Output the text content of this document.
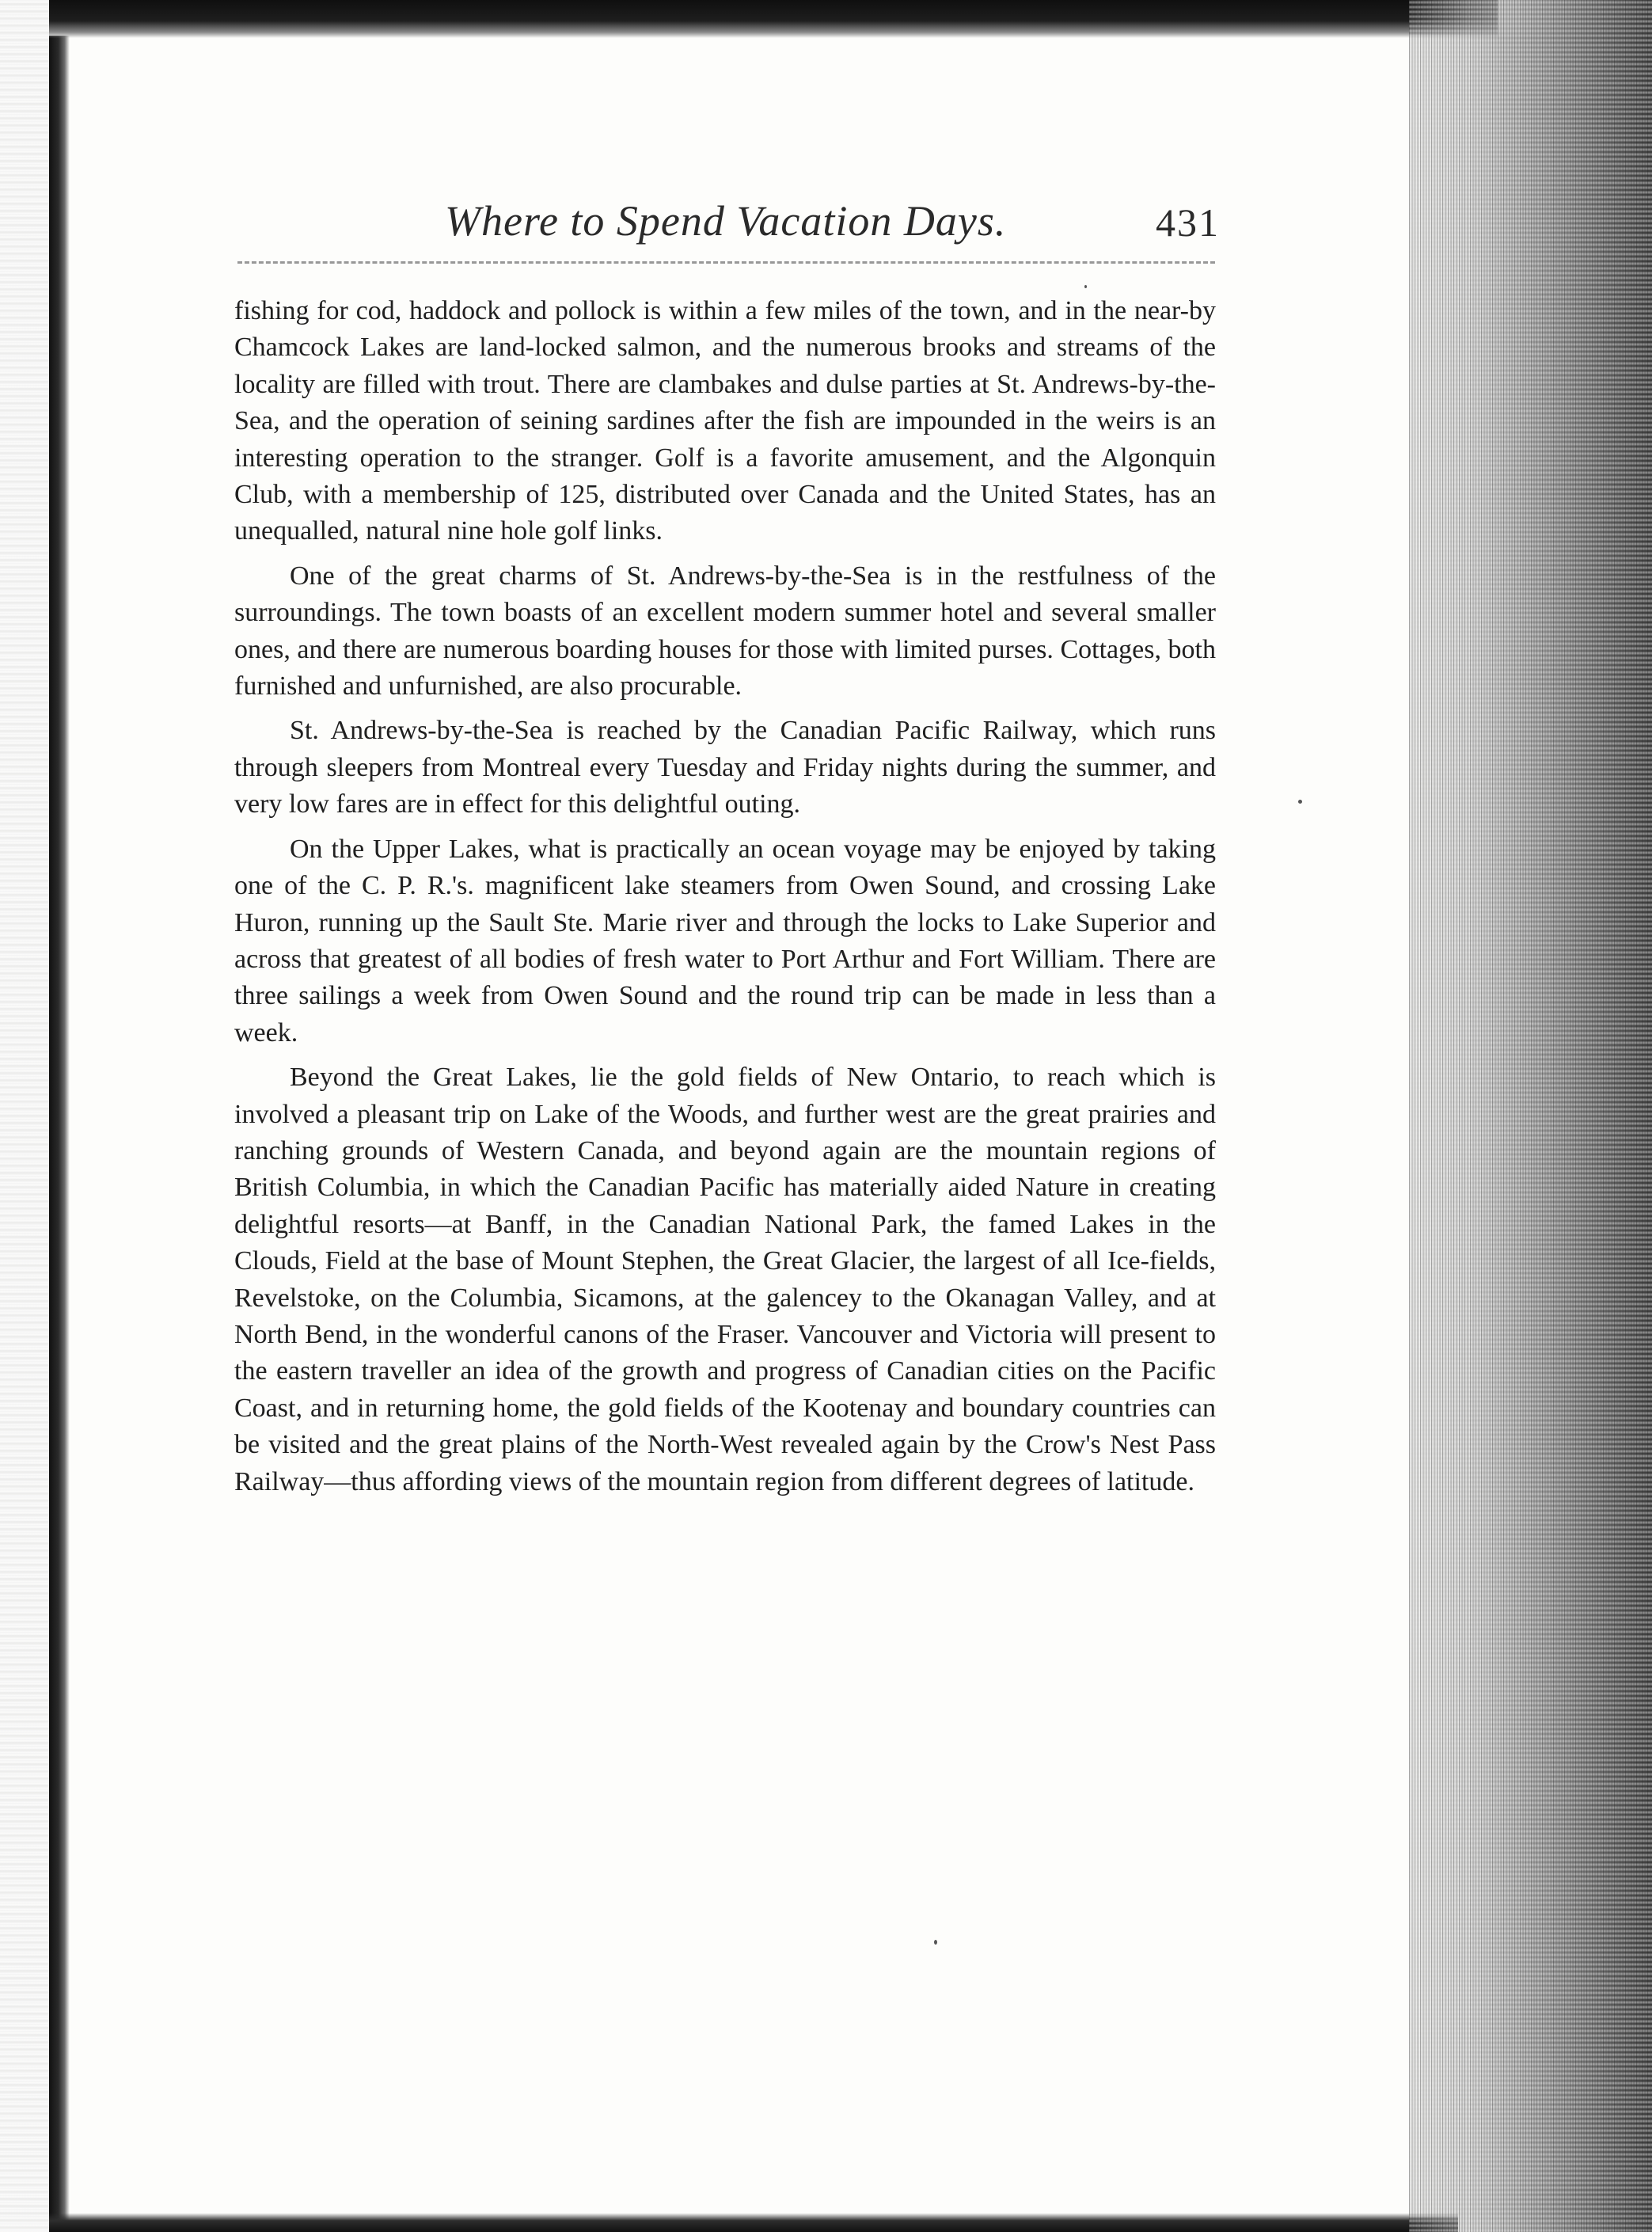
Where to Spend Vacation Days.	431

fishing for cod, haddock and pollock is within a few miles of the town, and in the near-by Chamcock Lakes are land-locked salmon, and the numerous brooks and streams of the locality are filled with trout. There are clambakes and dulse parties at St. Andrews-by-the-Sea, and the operation of seining sardines after the fish are impounded in the weirs is an interesting operation to the stranger. Golf is a favorite amusement, and the Algonquin Club, with a membership of 125, distributed over Canada and the United States, has an unequalled, natural nine hole golf links.

One of the great charms of St. Andrews-by-the-Sea is in the restfulness of the surroundings. The town boasts of an excellent modern summer hotel and several smaller ones, and there are numerous boarding houses for those with limited purses. Cottages, both furnished and unfurnished, are also procurable.

St. Andrews-by-the-Sea is reached by the Canadian Pacific Railway, which runs through sleepers from Montreal every Tuesday and Friday nights during the summer, and very low fares are in effect for this delightful outing.

On the Upper Lakes, what is practically an ocean voyage may be enjoyed by taking one of the C. P. R.'s. magnificent lake steamers from Owen Sound, and crossing Lake Huron, running up the Sault Ste. Marie river and through the locks to Lake Superior and across that greatest of all bodies of fresh water to Port Arthur and Fort William. There are three sailings a week from Owen Sound and the round trip can be made in less than a week.

Beyond the Great Lakes, lie the gold fields of New Ontario, to reach which is involved a pleasant trip on Lake of the Woods, and further west are the great prairies and ranching grounds of Western Canada, and beyond again are the mountain regions of British Columbia, in which the Canadian Pacific has materially aided Nature in creating delightful resorts—at Banff, in the Canadian National Park, the famed Lakes in the Clouds, Field at the base of Mount Stephen, the Great Glacier, the largest of all Ice-fields, Revelstoke, on the Columbia, Sicamons, at the galencey to the Okanagan Valley, and at North Bend, in the wonderful canons of the Fraser. Vancouver and Victoria will present to the eastern traveller an idea of the growth and progress of Canadian cities on the Pacific Coast, and in returning home, the gold fields of the Kootenay and boundary countries can be visited and the great plains of the North-West revealed again by the Crow's Nest Pass Railway—thus affording views of the mountain region from different degrees of latitude.
